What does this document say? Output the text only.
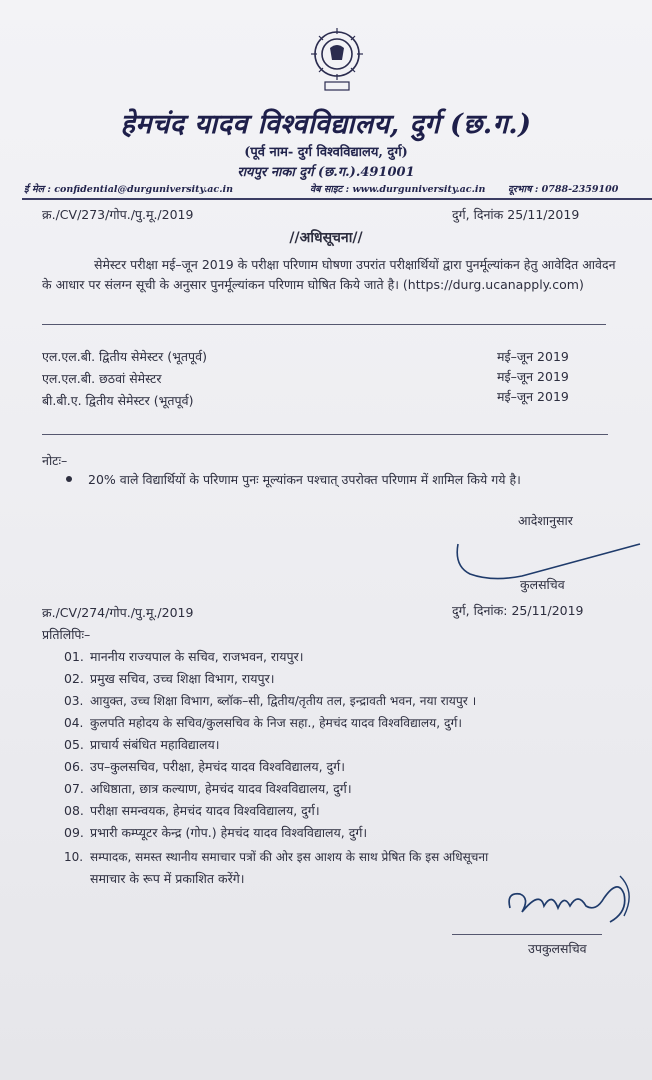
हेमचंद यादव विश्वविद्यालय, दुर्ग (छ.ग.)
(पूर्व नाम- दुर्ग विश्वविद्यालय, दुर्ग)
रायपुर नाका दुर्ग (छ.ग.).491001
ई मेल : confidential@durguniversity.ac.in	वेब साइट : www.durguniversity.ac.in दूरभाष : 0788-2359100
क्र./CV/273/गोप./पु.मू./2019	दुर्ग, दिनांक 25/11/2019
//अधिसूचना//
सेमेस्टर परीक्षा मई–जून 2019 के परीक्षा परिणाम घोषणा उपरांत परीक्षार्थियों द्वारा पुनर्मूल्यांकन हेतु आवेदित आवेदन के आधार पर संलग्न सूची के अनुसार पुनर्मूल्यांकन परिणाम घोषित किये जाते है। (https://durg.ucanapply.com)
एल.एल.बी. द्वितीय सेमेस्टर (भूतपूर्व)	मई–जून 2019
एल.एल.बी. छठवां सेमेस्टर	मई–जून 2019
बी.बी.ए. द्वितीय सेमेस्टर (भूतपूर्व)	मई–जून 2019
नोटः–
20% वाले विद्यार्थियों के परिणाम पुनः मूल्यांकन पश्चात् उपरोक्त परिणाम में शामिल किये गये है।
आदेशानुसार
कुलसचिव
क्र./CV/274/गोप./पु.मू./2019	दुर्ग, दिनांक: 25/11/2019
प्रतिलिपिः–
01. माननीय राज्यपाल के सचिव, राजभवन, रायपुर।
02. प्रमुख सचिव, उच्च शिक्षा विभाग, रायपुर।
03. आयुक्त, उच्च शिक्षा विभाग, ब्लॉक–सी, द्वितीय/तृतीय तल, इन्द्रावती भवन, नया रायपुर ।
04. कुलपति महोदय के सचिव/कुलसचिव के निज सहा., हेमचंद यादव विश्वविद्यालय, दुर्ग।
05. प्राचार्य संबंधित महाविद्यालय।
06. उप–कुलसचिव, परीक्षा, हेमचंद यादव विश्वविद्यालय, दुर्ग।
07. अधिष्ठाता, छात्र कल्याण, हेमचंद यादव विश्वविद्यालय, दुर्ग।
08. परीक्षा समन्वयक, हेमचंद यादव विश्वविद्यालय, दुर्ग।
09. प्रभारी कम्प्यूटर केन्द्र (गोप.) हेमचंद यादव विश्वविद्यालय, दुर्ग।
10. सम्पादक, समस्त स्थानीय समाचार पत्रों की ओर इस आशय के साथ प्रेषित कि इस अधिसूचना
समाचार के रूप में प्रकाशित करेंगे।
उपकुलसचिव
